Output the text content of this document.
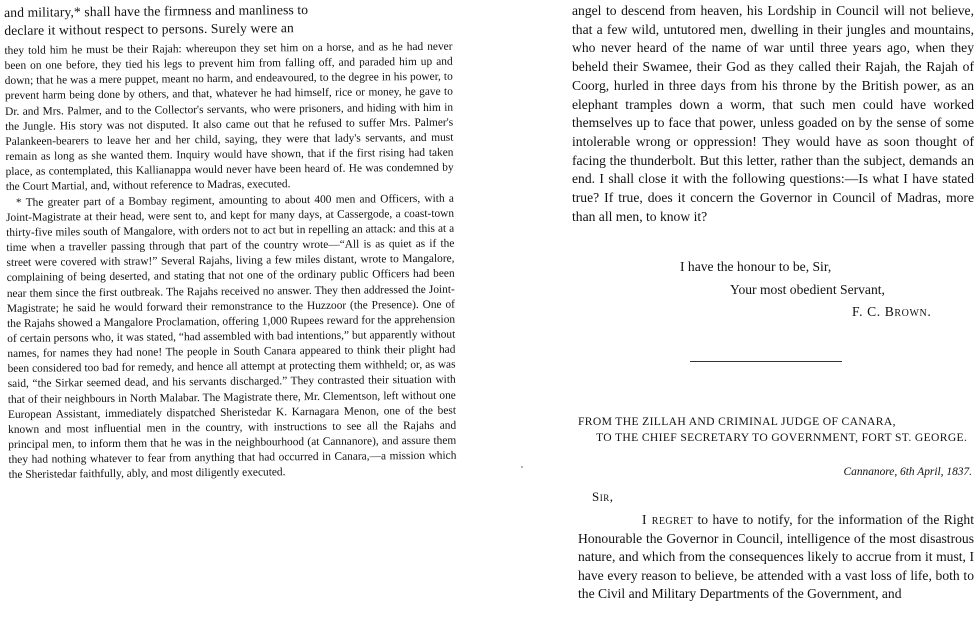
and military,* shall have the firmness and manliness to
declare it without respect to persons. Surely were an

they told him he must be their Rajah: whereupon they set him on a horse, and as he had never been on one before, they tied his legs to prevent him from falling off, and paraded him up and down; that he was a mere puppet, meant no harm, and endeavoured, to the degree in his power, to prevent harm being done by others, and that, whatever he had himself, rice or money, he gave to Dr. and Mrs. Palmer, and to the Collector's servants, who were prisoners, and hiding with him in the Jungle. His story was not disputed. It also came out that he refused to suffer Mrs. Palmer's Palankeen-bearers to leave her and her child, saying, they were that lady's servants, and must remain as long as she wanted them. Inquiry would have shown, that if the first rising had taken place, as contemplated, this Kallianappa would never have been heard of. He was condemned by the Court Martial, and, without reference to Madras, executed.

* The greater part of a Bombay regiment, amounting to about 400 men and Officers, with a Joint-Magistrate at their head, were sent to, and kept for many days, at Cassergode, a coast-town thirty-five miles south of Mangalore, with orders not to act but in repelling an attack: and this at a time when a traveller passing through that part of the country wrote—“All is as quiet as if the street were covered with straw!” Several Rajahs, living a few miles distant, wrote to Mangalore, complaining of being deserted, and stating that not one of the ordinary public Officers had been near them since the first outbreak. The Rajahs received no answer. They then addressed the Joint-Magistrate; he said he would forward their remonstrance to the Huzzoor (the Presence). One of the Rajahs showed a Mangalore Proclamation, offering 1,000 Rupees reward for the apprehension of certain persons who, it was stated, “had assembled with bad intentions,” but apparently without names, for names they had none! The people in South Canara appeared to think their plight had been considered too bad for remedy, and hence all attempt at protecting them withheld; or, as was said, “the Sirkar seemed dead, and his servants discharged.” They contrasted their situation with that of their neighbours in North Malabar. The Magistrate there, Mr. Clementson, left without one European Assistant, immediately dispatched Sheristedar K. Karnagara Menon, one of the best known and most influential men in the country, with instructions to see all the Rajahs and principal men, to inform them that he was in the neighbourhood (at Cannanore), and assure them they had nothing whatever to fear from anything that had occurred in Canara,—a mission which the Sheristedar faithfully, ably, and most diligently executed.

angel to descend from heaven, his Lordship in Council will not believe, that a few wild, untutored men, dwelling in their jungles and mountains, who never heard of the name of war until three years ago, when they beheld their Swamee, their God as they called their Rajah, the Rajah of Coorg, hurled in three days from his throne by the British power, as an elephant tramples down a worm, that such men could have worked themselves up to face that power, unless goaded on by the sense of some intolerable wrong or oppression! They would have as soon thought of facing the thunderbolt. But this letter, rather than the subject, demands an end. I shall close it with the following questions:—Is what I have stated true? If true, does it concern the Governor in Council of Madras, more than all men, to know it?

I have the honour to be, Sir,
Your most obedient Servant,
F. C. Brown.
FROM THE ZILLAH AND CRIMINAL JUDGE OF CANARA,
TO THE CHIEF SECRETARY TO GOVERNMENT, FORT ST. GEORGE.
Cannanore, 6th April, 1837.
Sir,
I regret to have to notify, for the information of the Right Honourable the Governor in Council, intelligence of the most disastrous nature, and which from the consequences likely to accrue from it must, I have every reason to believe, be attended with a vast loss of life, both to the Civil and Military Departments of the Government, and
